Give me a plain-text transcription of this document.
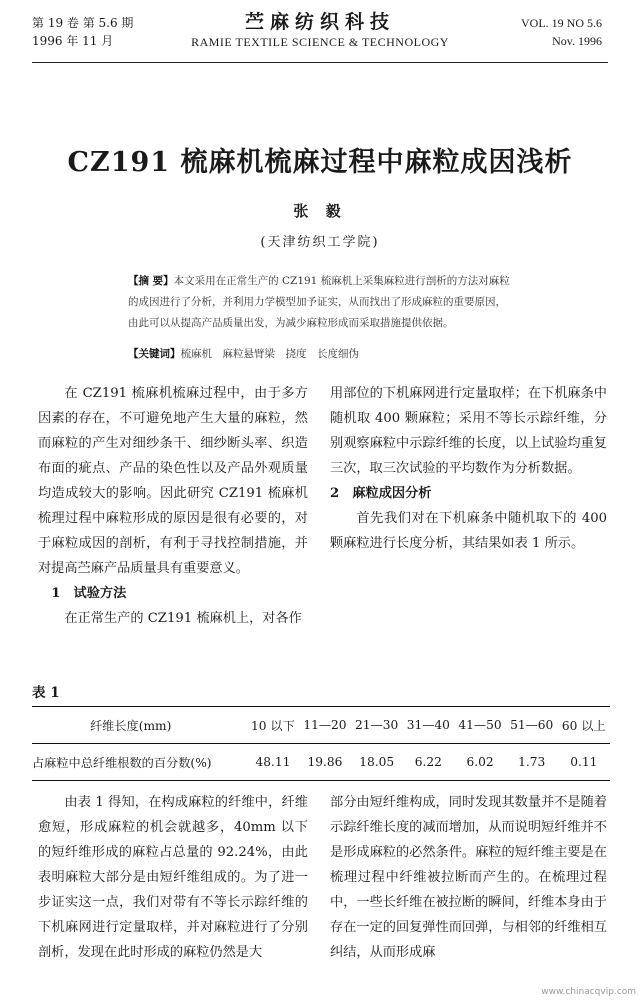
第 19 卷 第 5.6 期
1996 年 11 月
苎麻纺织科技
RAMIE TEXTILE SCIENCE & TECHNOLOGY
VOL. 19 NO 5.6
Nov. 1996
CZ191 梳麻机梳麻过程中麻粒成因浅析
张 毅
(天津纺织工学院)
【摘 要】本文采用在正常生产的 CZ191 梳麻机上采集麻粒进行剖析的方法对麻粒的成因进行了分析，并利用力学模型加予证实，从而找出了形成麻粒的重要原因，由此可以从提高产品质量出发，为减少麻粒形成而采取措施提供依据。
【关键词】梳麻机　麻粒悬臂梁　挠度　长度细伪

在 CZ191 梳麻机梳麻过程中，由于多方因素的存在，不可避免地产生大量的麻粒，然而麻粒的产生对细纱条干、细纱断头率、织造布面的疵点、产品的染色性以及产品外观质量均造成较大的影响。因此研究 CZ191 梳麻机梳理过程中麻粒形成的原因是很有必要的，对于麻粒成因的剖析，有利于寻找控制措施，并对提高苎麻产品质量具有重要意义。

1　试验方法

在正常生产的 CZ191 梳麻机上，对各作

用部位的下机麻网进行定量取样；在下机麻条中随机取 400 颗麻粒；采用不等长示踪纤维，分别观察麻粒中示踪纤维的长度，以上试验均重复三次，取三次试验的平均数作为分析数据。

2　麻粒成因分析

首先我们对在下机麻条中随机取下的 400颗麻粒进行长度分析，其结果如表 1 所示。

表 1
纤维长度(mm)	10 以下	11—20	21—30	31—40	41—50	51—60	60 以上
占麻粒中总纤维根数的百分数(%)	48.11	19.86	18.05	6.22	6.02	1.73	0.11

由表 1 得知，在构成麻粒的纤维中，纤维愈短，形成麻粒的机会就越多，40mm 以下的短纤维形成的麻粒占总量的 92.24%，由此表明麻粒大部分是由短纤维组成的。为了进一步证实这一点，我们对带有不等长示踪纤维的下机麻网进行定量取样，并对麻粒进行了分别剖析，发现在此时形成的麻粒仍然是大

部分由短纤维构成，同时发现其数量并不是随着示踪纤维长度的减而增加，从而说明短纤维并不是形成麻粒的必然条件。麻粒的短纤维主要是在梳理过程中纤维被拉断而产生的。在梳理过程中，一些长纤维在被拉断的瞬间，纤维本身由于存在一定的回复弹性而回弹，与相邻的纤维相互纠结，从而形成麻

www.chinacqvip.com
